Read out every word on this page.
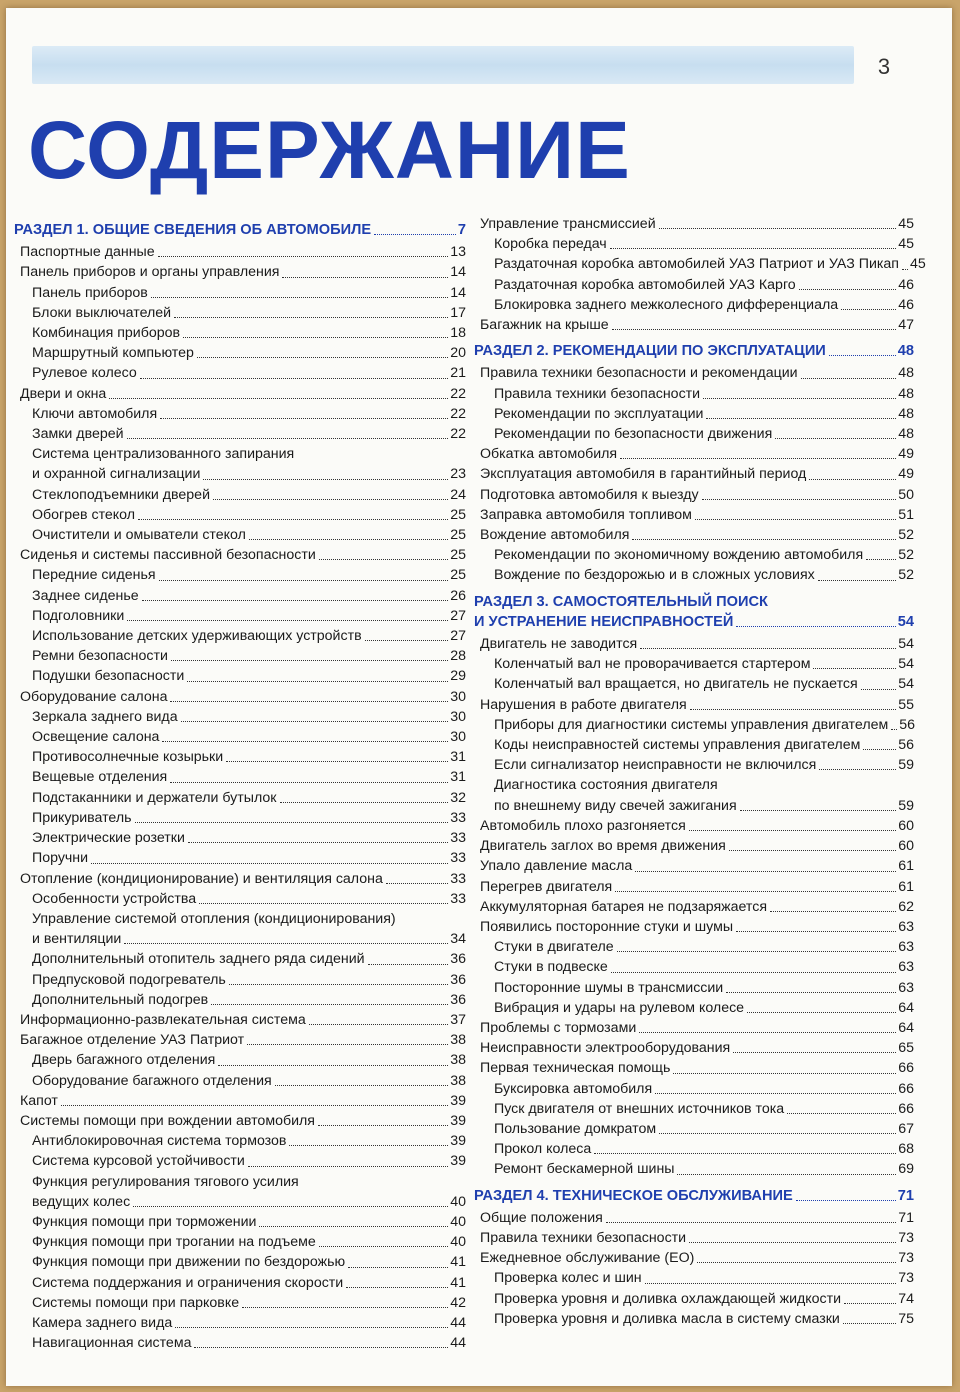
3
СОДЕРЖАНИЕ
РАЗДЕЛ 1. ОБЩИЕ СВЕДЕНИЯ ОБ АВТОМОБИЛЕ	7
Паспортные данные	13
Панель приборов и органы управления	14
Панель приборов	14
Блоки выключателей	17
Комбинация приборов	18
Маршрутный компьютер	20
Рулевое колесо	21
Двери и окна	22
Ключи автомобиля	22
Замки дверей	22
Система централизованного запирания
и охранной сигнализации	23
Стеклоподъемники дверей	24
Обогрев стекол	25
Очистители и омыватели стекол	25
Сиденья и системы пассивной безопасности	25
Передние сиденья	25
Заднее сиденье	26
Подголовники	27
Использование детских удерживающих устройств	27
Ремни безопасности	28
Подушки безопасности	29
Оборудование салона	30
Зеркала заднего вида	30
Освещение салона	30
Противосолнечные козырьки	31
Вещевые отделения	31
Подстаканники и держатели бутылок	32
Прикуриватель	33
Электрические розетки	33
Поручни	33
Отопление (кондиционирование) и вентиляция салона	33
Особенности устройства	33
Управление системой отопления (кондиционирования)
и вентиляции	34
Дополнительный отопитель заднего ряда сидений	36
Предпусковой подогреватель	36
Дополнительный подогрев	36
Информационно-развлекательная система	37
Багажное отделение УАЗ Патриот	38
Дверь багажного отделения	38
Оборудование багажного отделения	38
Капот	39
Системы помощи при вождении автомобиля	39
Антиблокировочная система тормозов	39
Система курсовой устойчивости	39
Функция регулирования тягового усилия
ведущих колес	40
Функция помощи при торможении	40
Функция помощи при трогании на подъеме	40
Функция помощи при движении по бездорожью	41
Система поддержания и ограничения скорости	41
Системы помощи при парковке	42
Камера заднего вида	44
Навигационная система	44
Управление трансмиссией	45
Коробка передач	45
Раздаточная коробка автомобилей УАЗ Патриот и УАЗ Пикап 45
Раздаточная коробка автомобилей УАЗ Карго	46
Блокировка заднего межколесного дифференциала	46
Багажник на крыше	47
РАЗДЕЛ 2. РЕКОМЕНДАЦИИ ПО ЭКСПЛУАТАЦИИ	48
Правила техники безопасности и рекомендации	48
Правила техники безопасности	48
Рекомендации по эксплуатации	48
Рекомендации по безопасности движения	48
Обкатка автомобиля	49
Эксплуатация автомобиля в гарантийный период	49
Подготовка автомобиля к выезду	50
Заправка автомобиля топливом	51
Вождение автомобиля	52
Рекомендации по экономичному вождению автомобиля 52
Вождение по бездорожью и в сложных условиях	52
РАЗДЕЛ 3. САМОСТОЯТЕЛЬНЫЙ ПОИСК
И УСТРАНЕНИЕ НЕИСПРАВНОСТЕЙ	54
Двигатель не заводится	54
Коленчатый вал не проворачивается стартером	54
Коленчатый вал вращается, но двигатель не пускается	54
Нарушения в работе двигателя	55
Приборы для диагностики системы управления двигателем 56
Коды неисправностей системы управления двигателем	56
Если сигнализатор неисправности не включился	59
Диагностика состояния двигателя
по внешнему виду свечей зажигания	59
Автомобиль плохо разгоняется	60
Двигатель заглох во время движения	60
Упало давление масла	61
Перегрев двигателя	61
Аккумуляторная батарея не подзаряжается	62
Появились посторонние стуки и шумы	63
Стуки в двигателе	63
Стуки в подвеске	63
Посторонние шумы в трансмиссии	63
Вибрация и удары на рулевом колесе	64
Проблемы с тормозами	64
Неисправности электрооборудования	65
Первая техническая помощь	66
Буксировка автомобиля	66
Пуск двигателя от внешних источников тока	66
Пользование домкратом	67
Прокол колеса	68
Ремонт бескамерной шины	69
РАЗДЕЛ 4. ТЕХНИЧЕСКОЕ ОБСЛУЖИВАНИЕ	71
Общие положения	71
Правила техники безопасности	73
Ежедневное обслуживание (ЕО)	73
Проверка колес и шин	73
Проверка уровня и доливка охлаждающей жидкости	74
Проверка уровня и доливка масла в систему смазки	75
